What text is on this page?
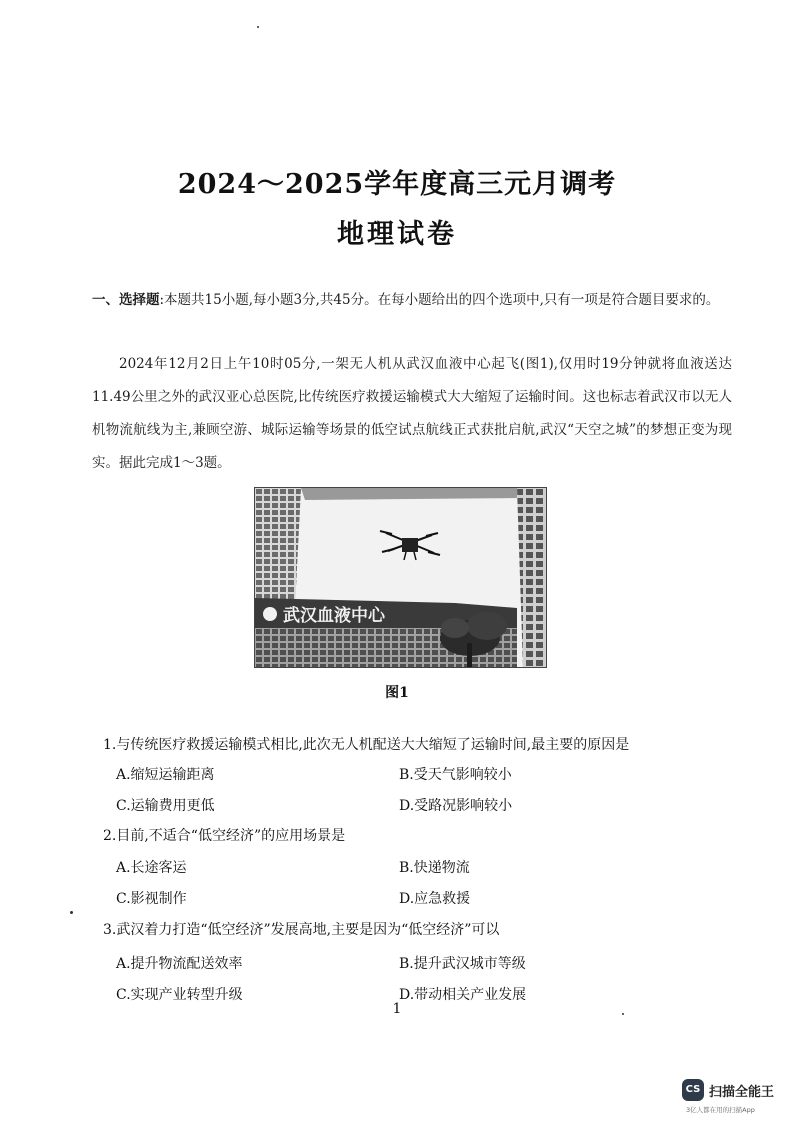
2024～2025学年度高三元月调考
地理试卷
一、选择题:本题共15小题,每小题3分,共45分。在每小题给出的四个选项中,只有一项是符合题目要求的。
2024年12月2日上午10时05分,一架无人机从武汉血液中心起飞(图1),仅用时19分钟就将血液送达11.49公里之外的武汉亚心总医院,比传统医疗救援运输模式大大缩短了运输时间。这也标志着武汉市以无人机物流航线为主,兼顾空游、城际运输等场景的低空试点航线正式获批启航,武汉“天空之城”的梦想正变为现实。据此完成1～3题。
武汉血液中心
图1
1.与传统医疗救援运输模式相比,此次无人机配送大大缩短了运输时间,最主要的原因是
A.缩短运输距离	B.受天气影响较小
C.运输费用更低	D.受路况影响较小
2.目前,不适合“低空经济”的应用场景是
A.长途客运	B.快递物流
C.影视制作	D.应急救援
3.武汉着力打造“低空经济”发展高地,主要是因为“低空经济”可以
A.提升物流配送效率	B.提升武汉城市等级
C.实现产业转型升级	D.带动相关产业发展
1
CS 扫描全能王
3亿人都在用的扫描App
